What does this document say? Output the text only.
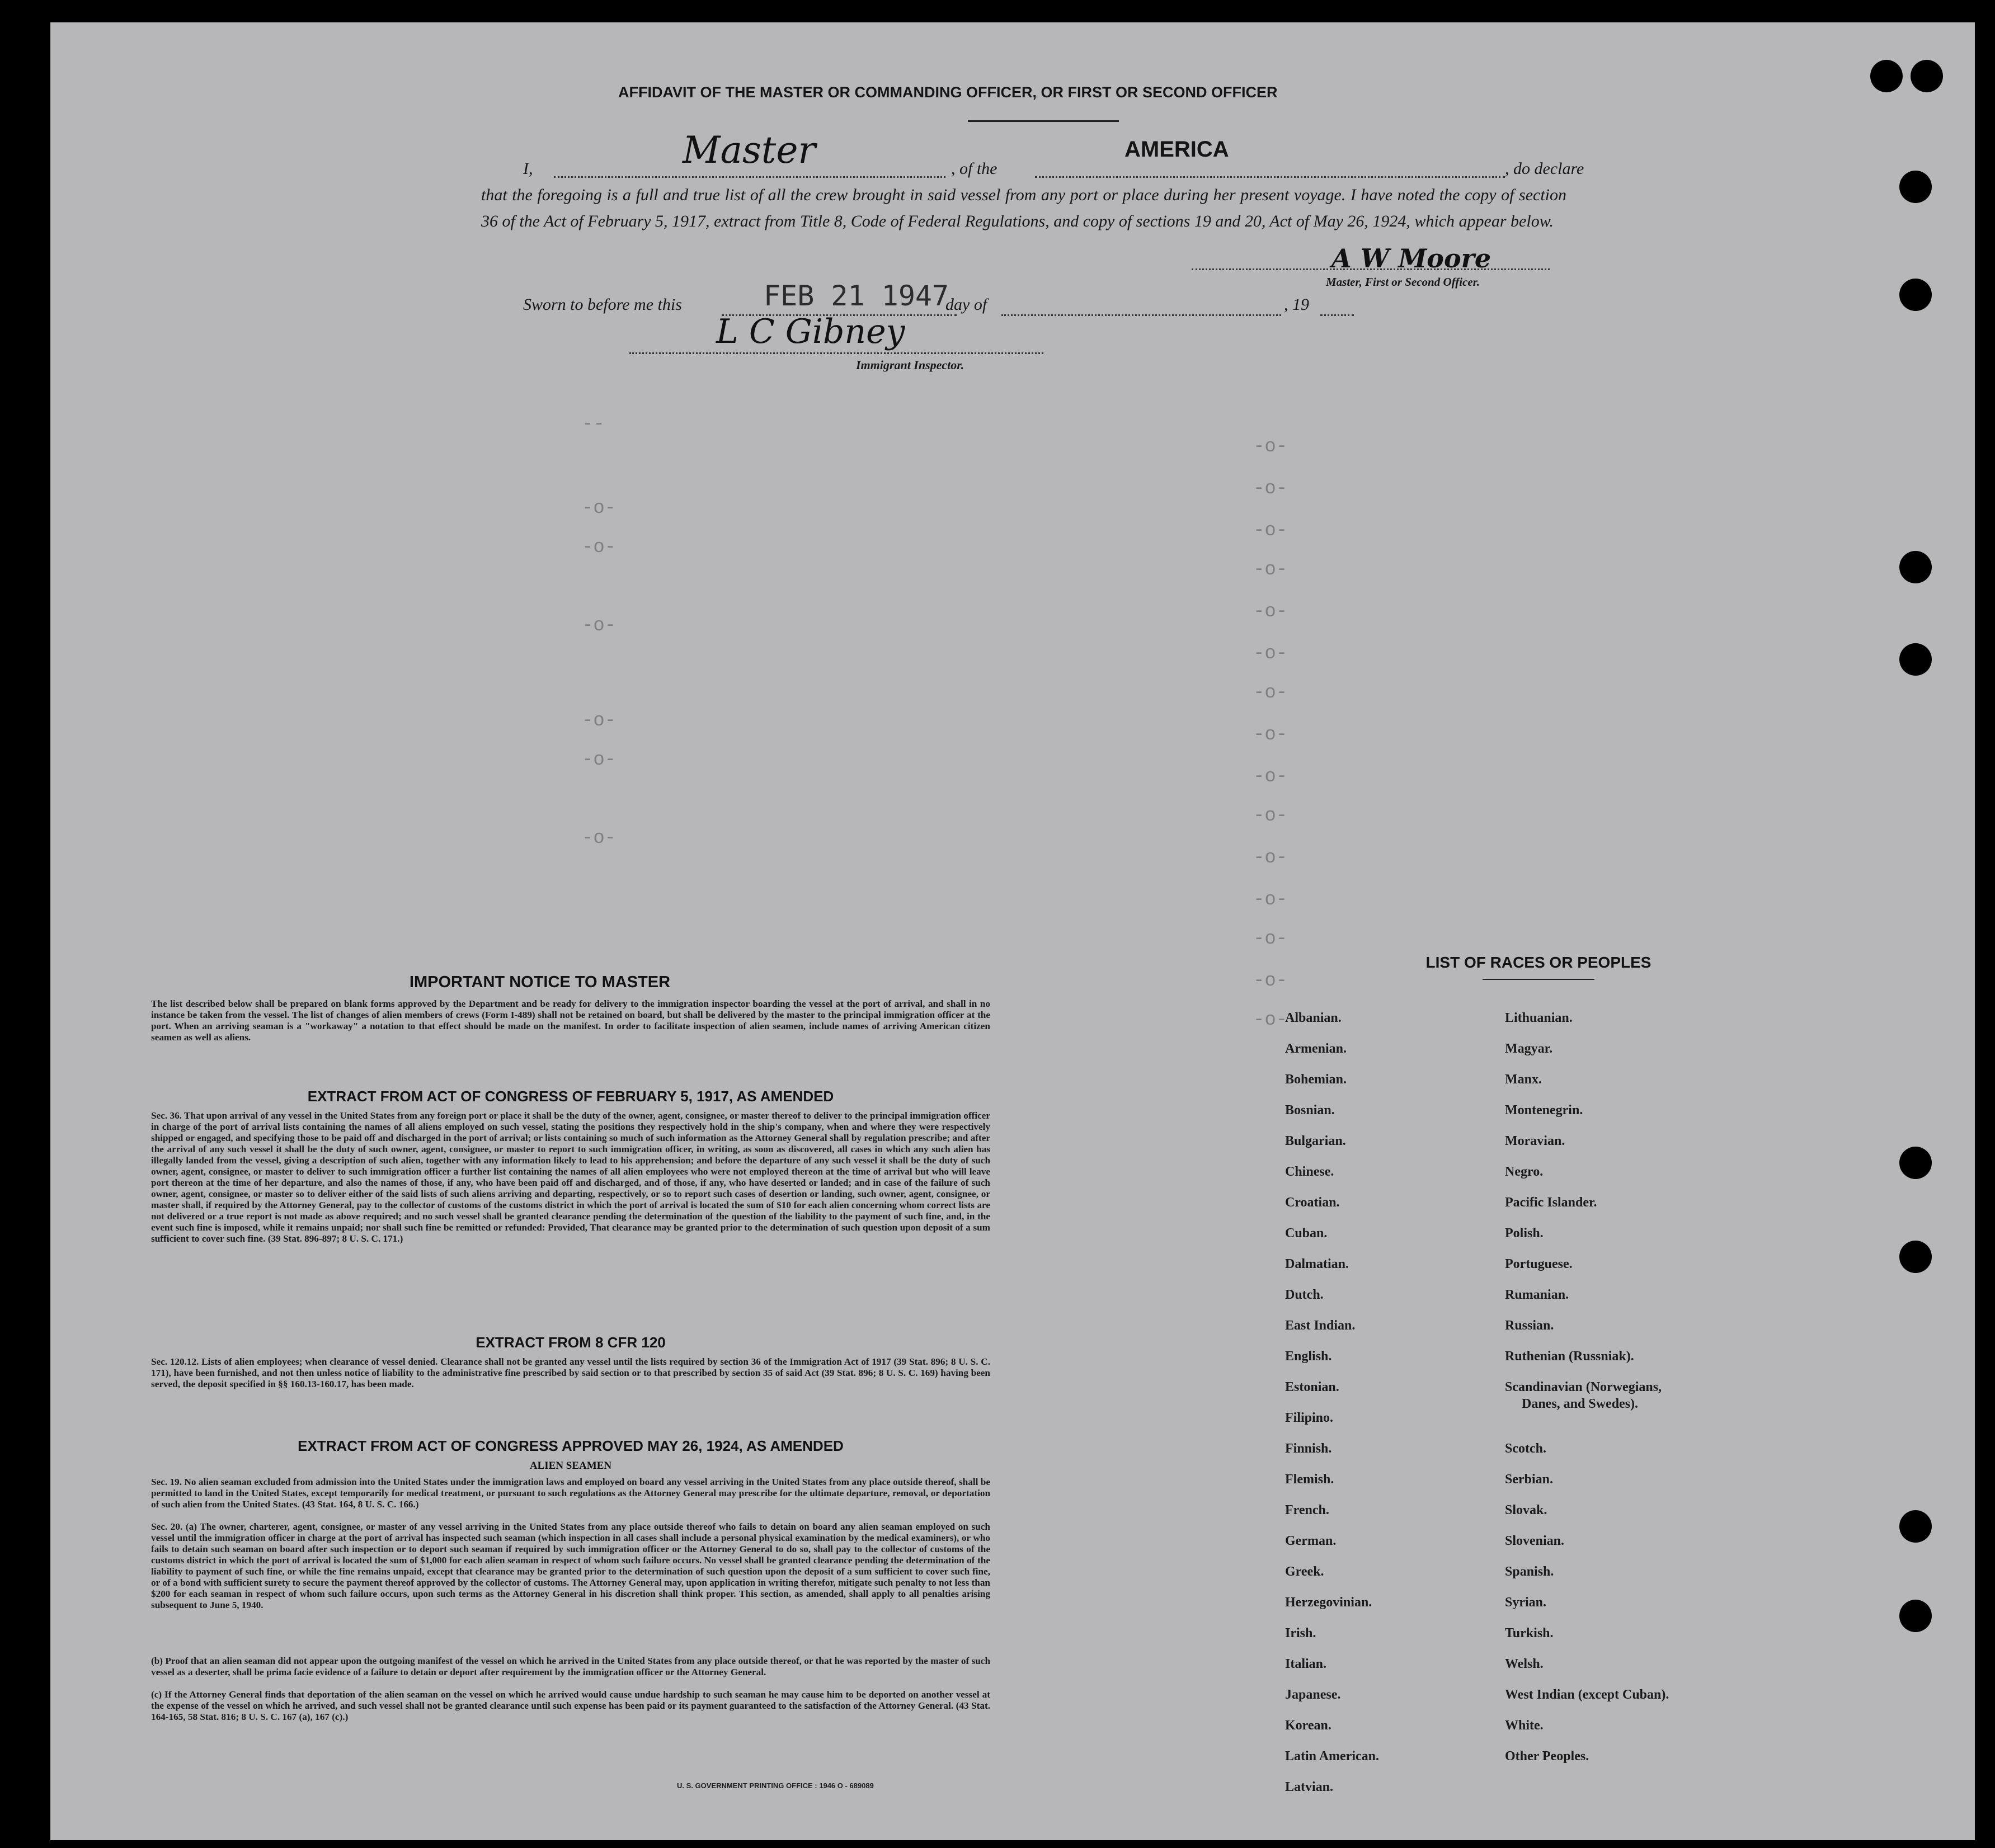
AFFIDAVIT OF THE MASTER OR COMMANDING OFFICER, OR FIRST OR SECOND OFFICER
I,	Master	, of the
AMERICA
, do declare
that the foregoing is a full and true list of all the crew brought in said vessel from any port or place during her present voyage. I have noted the copy of section 36 of the Act of February 5, 1917, extract from Title 8, Code of Federal Regulations, and copy of sections 19 and 20, Act of May 26, 1924, which appear below.
A W Moore
Master, First or Second Officer.
Sworn to before me this	FEB 21 1947
day of	, 19
L C Gibney
Immigrant Inspector.
-o-
-o-
-o-
-o-
-o-
-o-
-o-
-o-
-o-
-o-
-o-
-o-
-o-
-o-
-o-
-‑
-o-
-o-
-o-
-o-
-o-
-o-
IMPORTANT NOTICE TO MASTER
The list described below shall be prepared on blank forms approved by the Department and be ready for delivery to the immigration inspector boarding the vessel at the port of arrival, and shall in no instance be taken from the vessel. The list of changes of alien members of crews (Form I-489) shall not be retained on board, but shall be delivered by the master to the principal immigration officer at the port. When an arriving seaman is a "workaway" a notation to that effect should be made on the manifest. In order to facilitate inspection of alien seamen, include names of arriving American citizen seamen as well as aliens.
EXTRACT FROM ACT OF CONGRESS OF FEBRUARY 5, 1917, AS AMENDED
Sec. 36. That upon arrival of any vessel in the United States from any foreign port or place it shall be the duty of the owner, agent, consignee, or master thereof to deliver to the principal immigration officer in charge of the port of arrival lists containing the names of all aliens employed on such vessel, stating the positions they respectively hold in the ship's company, when and where they were respectively shipped or engaged, and specifying those to be paid off and discharged in the port of arrival; or lists containing so much of such information as the Attorney General shall by regulation prescribe; and after the arrival of any such vessel it shall be the duty of such owner, agent, consignee, or master to report to such immigration officer, in writing, as soon as discovered, all cases in which any such alien has illegally landed from the vessel, giving a description of such alien, together with any information likely to lead to his apprehension; and before the departure of any such vessel it shall be the duty of such owner, agent, consignee, or master to deliver to such immigration officer a further list containing the names of all alien employees who were not employed thereon at the time of arrival but who will leave port thereon at the time of her departure, and also the names of those, if any, who have been paid off and discharged, and of those, if any, who have deserted or landed; and in case of the failure of such owner, agent, consignee, or master so to deliver either of the said lists of such aliens arriving and departing, respectively, or so to report such cases of desertion or landing, such owner, agent, consignee, or master shall, if required by the Attorney General, pay to the collector of customs of the customs district in which the port of arrival is located the sum of $10 for each alien concerning whom correct lists are not delivered or a true report is not made as above required; and no such vessel shall be granted clearance pending the determination of the question of the liability to the payment of such fine, and, in the event such fine is imposed, while it remains unpaid; nor shall such fine be remitted or refunded: Provided, That clearance may be granted prior to the determination of such question upon deposit of a sum sufficient to cover such fine. (39 Stat. 896-897; 8 U. S. C. 171.)
EXTRACT FROM 8 CFR 120
Sec. 120.12. Lists of alien employees; when clearance of vessel denied. Clearance shall not be granted any vessel until the lists required by section 36 of the Immigration Act of 1917 (39 Stat. 896; 8 U. S. C. 171), have been furnished, and not then unless notice of liability to the administrative fine prescribed by said section or to that prescribed by section 35 of said Act (39 Stat. 896; 8 U. S. C. 169) having been served, the deposit specified in §§ 160.13-160.17, has been made.
EXTRACT FROM ACT OF CONGRESS APPROVED MAY 26, 1924, AS AMENDED
ALIEN SEAMEN
Sec. 19. No alien seaman excluded from admission into the United States under the immigration laws and employed on board any vessel arriving in the United States from any place outside thereof, shall be permitted to land in the United States, except temporarily for medical treatment, or pursuant to such regulations as the Attorney General may prescribe for the ultimate departure, removal, or deportation of such alien from the United States. (43 Stat. 164, 8 U. S. C. 166.)
Sec. 20. (a) The owner, charterer, agent, consignee, or master of any vessel arriving in the United States from any place outside thereof who fails to detain on board any alien seaman employed on such vessel until the immigration officer in charge at the port of arrival has inspected such seaman (which inspection in all cases shall include a personal physical examination by the medical examiners), or who fails to detain such seaman on board after such inspection or to deport such seaman if required by such immigration officer or the Attorney General to do so, shall pay to the collector of customs of the customs district in which the port of arrival is located the sum of $1,000 for each alien seaman in respect of whom such failure occurs. No vessel shall be granted clearance pending the determination of the liability to payment of such fine, or while the fine remains unpaid, except that clearance may be granted prior to the determination of such question upon the deposit of a sum sufficient to cover such fine, or of a bond with sufficient surety to secure the payment thereof approved by the collector of customs. The Attorney General may, upon application in writing therefor, mitigate such penalty to not less than $200 for each seaman in respect of whom such failure occurs, upon such terms as the Attorney General in his discretion shall think proper. This section, as amended, shall apply to all penalties arising subsequent to June 5, 1940.
(b) Proof that an alien seaman did not appear upon the outgoing manifest of the vessel on which he arrived in the United States from any place outside thereof, or that he was reported by the master of such vessel as a deserter, shall be prima facie evidence of a failure to detain or deport after requirement by the immigration officer or the Attorney General.
(c) If the Attorney General finds that deportation of the alien seaman on the vessel on which he arrived would cause undue hardship to such seaman he may cause him to be deported on another vessel at the expense of the vessel on which he arrived, and such vessel shall not be granted clearance until such expense has been paid or its payment guaranteed to the satisfaction of the Attorney General. (43 Stat. 164-165, 58 Stat. 816; 8 U. S. C. 167 (a), 167 (c).)
U. S. GOVERNMENT PRINTING OFFICE : 1946 O - 689089
LIST OF RACES OR PEOPLES
Albanian.
Armenian.
Bohemian.
Bosnian.
Bulgarian.
Chinese.
Croatian.
Cuban.
Dalmatian.
Dutch.
East Indian.
English.
Estonian.
Filipino.
Finnish.
Flemish.
French.
German.
Greek.
Herzegovinian.
Irish.
Italian.
Japanese.
Korean.
Latin American.
Latvian.
Lithuanian.
Magyar.
Manx.
Montenegrin.
Moravian.
Negro.
Pacific Islander.
Polish.
Portuguese.
Rumanian.
Russian.
Ruthenian (Russniak).
Scandinavian (Norwegians,
Danes, and Swedes).
Scotch.
Serbian.
Slovak.
Slovenian.
Spanish.
Syrian.
Turkish.
Welsh.
West Indian (except Cuban).
White.
Other Peoples.
